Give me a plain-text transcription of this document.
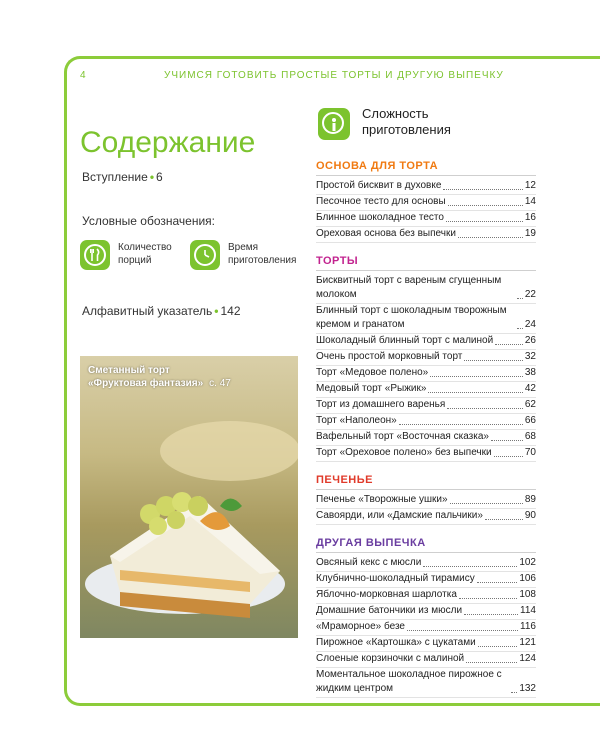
4	УЧИМСЯ ГОТОВИТЬ ПРОСТЫЕ ТОРТЫ И ДРУГУЮ ВЫПЕЧКУ
Содержание
Вступление • 6
Условные обозначения:
Количество порций
Время приготовления
Алфавитный указатель • 142
Сметанный торт
«Фруктовая фантазия» с. 47
Сложность приготовления
ОСНОВА ДЛЯ ТОРТА
Простой бисквит в духовке	12
Песочное тесто для основы	14
Блинное шоколадное тесто	16
Ореховая основа без выпечки	19
ТОРТЫ
Бисквитный торт с вареным сгущенным молоком	22
Блинный торт с шоколадным творожным кремом и гранатом	24
Шоколадный блинный торт с малиной	26
Очень простой морковный торт	32
Торт «Медовое полено»	38
Медовый торт «Рыжик»	42
Торт из домашнего варенья	62
Торт «Наполеон»	66
Вафельный торт «Восточная сказка»	68
Торт «Ореховое полено» без выпечки	70
ПЕЧЕНЬЕ
Печенье «Творожные ушки»	89
Савоярди, или «Дамские пальчики»	90
ДРУГАЯ ВЫПЕЧКА
Овсяный кекс с мюсли	102
Клубнично-шоколадный тирамису	106
Яблочно-морковная шарлотка	108
Домашние батончики из мюсли	114
«Мраморное» безе	116
Пирожное «Картошка» с цукатами	121
Слоеные корзиночки с малиной	124
Моментальное шоколадное пирожное с жидким центром	132
